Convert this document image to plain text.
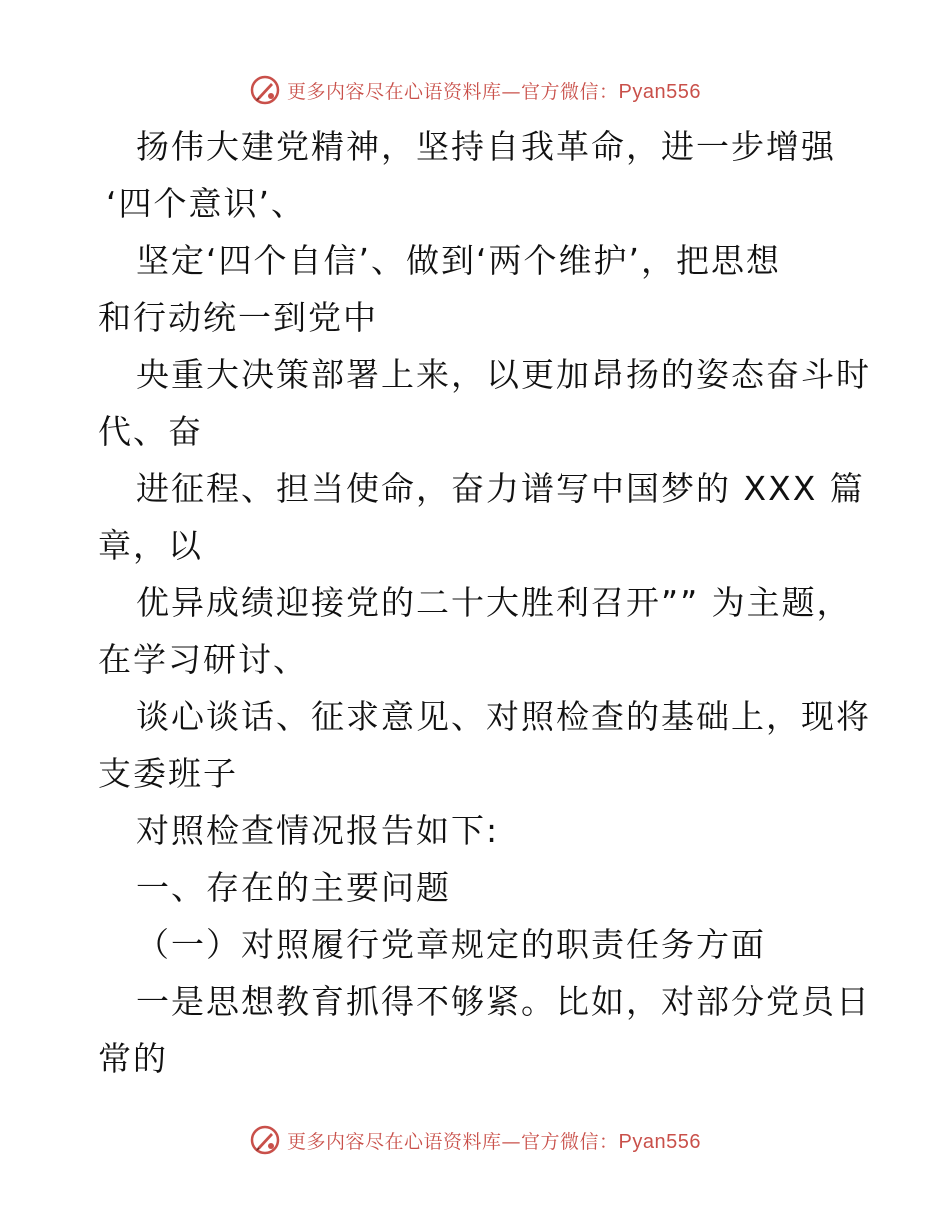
更多内容尽在心语资料库—官方微信：Pyan556
扬伟大建党精神，坚持自我革命，进一步增强
‘四个意识’、
坚定‘四个自信’、做到‘两个维护’，把思想
和行动统一到党中
央重大决策部署上来，以更加昂扬的姿态奋斗时
代、奋
进征程、担当使命，奋力谱写中国梦的 XXX 篇
章，以
优异成绩迎接党的二十大胜利召开”” 为主题，
在学习研讨、
谈心谈话、征求意见、对照检查的基础上，现将
支委班子
对照检查情况报告如下:
一、存在的主要问题
（一）对照履行党章规定的职责任务方面
一是思想教育抓得不够紧。比如，对部分党员日
常的
更多内容尽在心语资料库—官方微信：Pyan556
